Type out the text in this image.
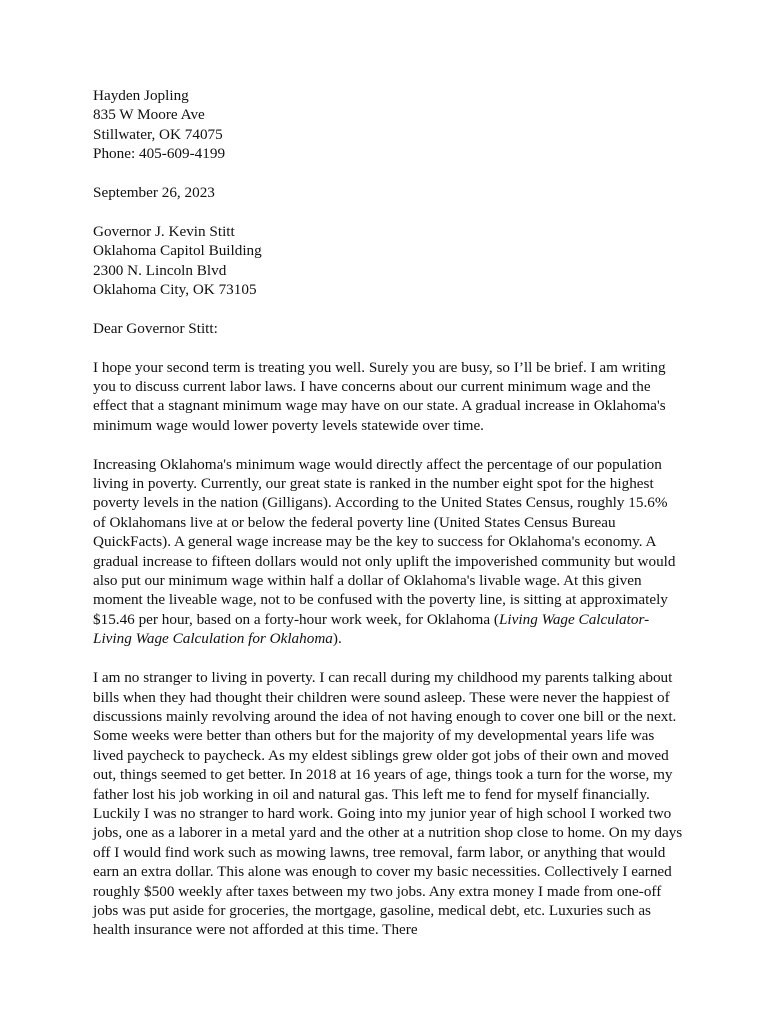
Hayden Jopling
835 W Moore Ave
Stillwater, OK 74075
Phone: 405-609-4199
September 26, 2023
Governor J. Kevin Stitt
Oklahoma Capitol Building
2300 N. Lincoln Blvd
Oklahoma City, OK 73105
Dear Governor Stitt:

I hope your second term is treating you well. Surely you are busy, so I’ll be brief. I am writing you to discuss current labor laws. I have concerns about our current minimum wage and the effect that a stagnant minimum wage may have on our state. A gradual increase in Oklahoma's minimum wage would lower poverty levels statewide over time.

Increasing Oklahoma's minimum wage would directly affect the percentage of our population living in poverty. Currently, our great state is ranked in the number eight spot for the highest poverty levels in the nation (Gilligans). According to the United States Census, roughly 15.6% of Oklahomans live at or below the federal poverty line (United States Census Bureau QuickFacts). A general wage increase may be the key to success for Oklahoma's economy. A gradual increase to fifteen dollars would not only uplift the impoverished community but would also put our minimum wage within half a dollar of Oklahoma's livable wage. At this given moment the liveable wage, not to be confused with the poverty line, is sitting at approximately $15.46 per hour, based on a forty-hour work week, for Oklahoma (Living Wage Calculator-Living Wage Calculation for Oklahoma).

I am no stranger to living in poverty. I can recall during my childhood my parents talking about bills when they had thought their children were sound asleep. These were never the happiest of discussions mainly revolving around the idea of not having enough to cover one bill or the next. Some weeks were better than others but for the majority of my developmental years life was lived paycheck to paycheck. As my eldest siblings grew older got jobs of their own and moved out, things seemed to get better. In 2018 at 16 years of age, things took a turn for the worse, my father lost his job working in oil and natural gas. This left me to fend for myself financially. Luckily I was no stranger to hard work. Going into my junior year of high school I worked two jobs, one as a laborer in a metal yard and the other at a nutrition shop close to home. On my days off I would find work such as mowing lawns, tree removal, farm labor, or anything that would earn an extra dollar. This alone was enough to cover my basic necessities. Collectively I earned roughly $500 weekly after taxes between my two jobs. Any extra money I made from one-off jobs was put aside for groceries, the mortgage, gasoline, medical debt, etc. Luxuries such as health insurance were not afforded at this time. There
